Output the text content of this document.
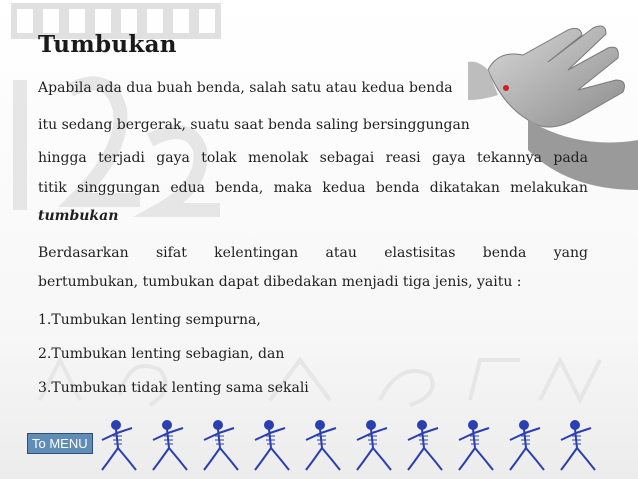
Tumbukan
Apabila ada dua buah benda, salah satu atau kedua benda
itu sedang bergerak, suatu saat benda saling bersinggungan
hingga terjadi gaya tolak menolak sebagai reasi gaya tekannya pada
titik singgungan edua benda, maka kedua benda dikatakan melakukan
tumbukan
Berdasarkan sifat kelentingan atau elastisitas benda yang
bertumbukan, tumbukan dapat dibedakan menjadi tiga jenis, yaitu :
1.Tumbukan lenting sempurna,
2.Tumbukan lenting sebagian, dan
3.Tumbukan tidak lenting sama sekali
To MENU
